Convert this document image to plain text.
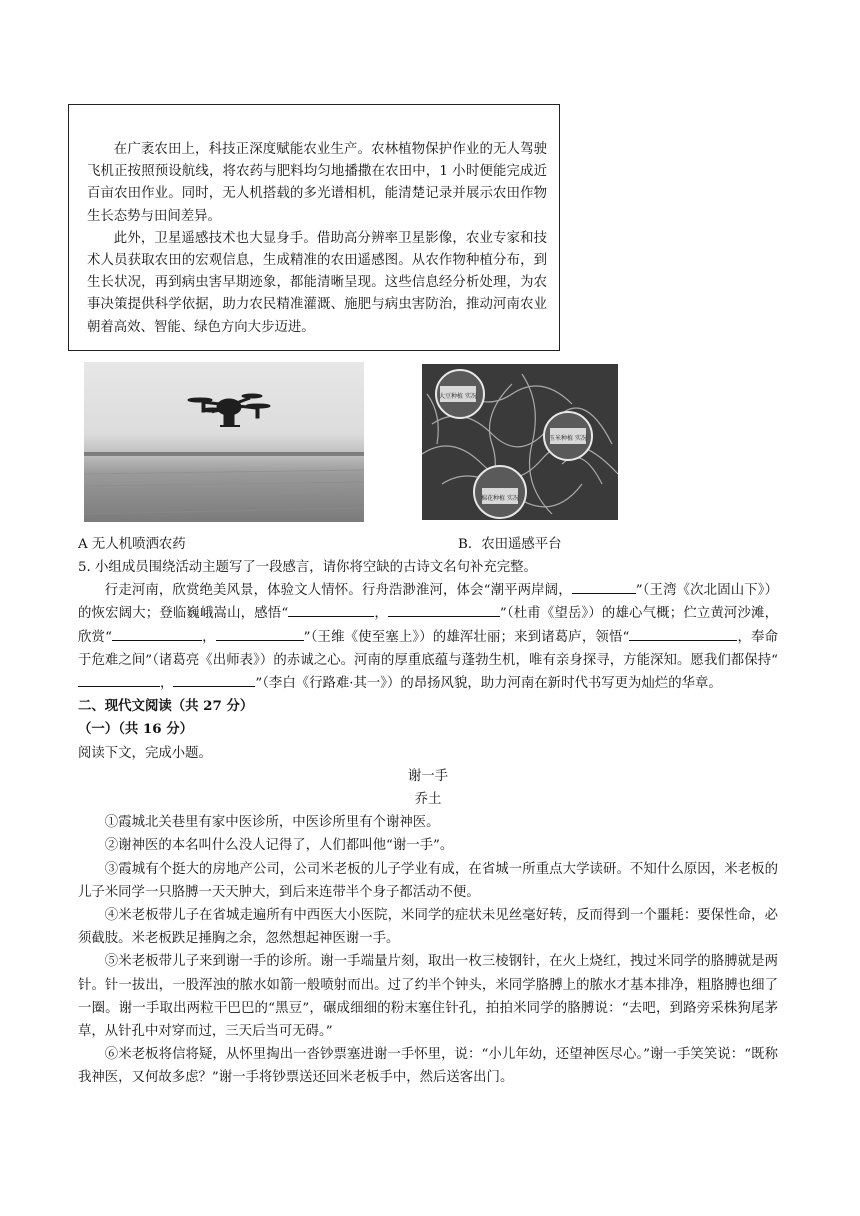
在广袤农田上，科技正深度赋能农业生产。农林植物保护作业的无人驾驶飞机正按照预设航线，将农药与肥料均匀地播撒在农田中，1 小时便能完成近百亩农田作业。同时，无人机搭载的多光谱相机，能清楚记录并展示农田作物生长态势与田间差异。

此外，卫星遥感技术也大显身手。借助高分辨率卫星影像，农业专家和技术人员获取农田的宏观信息，生成精准的农田遥感图。从农作物种植分布，到生长状况，再到病虫害早期迹象，都能清晰呈现。这些信息经分析处理，为农事决策提供科学依据，助力农民精准灌溉、施肥与病虫害防治，推动河南农业朝着高效、智能、绿色方向大步迈进。

A 无人机喷洒农药
大豆种植 实况
玉米种植 实况
棉花种植 实况
B．农田遥感平台

5. 小组成员围绕活动主题写了一段感言，请你将空缺的古诗文名句补充完整。

行走河南，欣赏绝美风景，体验文人情怀。行舟浩渺淮河，体会“潮平两岸阔，	”（王湾《次北固山下》）的恢宏阔大；登临巍峨嵩山，感悟“	，	”（杜甫《望岳》）的雄心气概；伫立黄河沙滩，欣赏“	，	”（王维《使至塞上》）的雄浑壮丽；来到诸葛庐，领悟“	，奉命于危难之间”（诸葛亮《出师表》）的赤诚之心。河南的厚重底蕴与蓬勃生机，唯有亲身探寻，方能深知。愿我们都保持“，	”（李白《行路难·其一》）的昂扬风貌，助力河南在新时代书写更为灿烂的华章。

二、现代文阅读（共 27 分）

（一）（共 16 分）

阅读下文，完成小题。

谢一手

乔土

①霞城北关巷里有家中医诊所，中医诊所里有个谢神医。

②谢神医的本名叫什么没人记得了，人们都叫他“谢一手”。

③霞城有个挺大的房地产公司，公司米老板的儿子学业有成，在省城一所重点大学读研。不知什么原因，米老板的儿子米同学一只胳膊一天天肿大，到后来连带半个身子都活动不便。

④米老板带儿子在省城走遍所有中西医大小医院，米同学的症状未见丝毫好转，反而得到一个噩耗：要保性命，必须截肢。米老板跌足捶胸之余，忽然想起神医谢一手。

⑤米老板带儿子来到谢一手的诊所。谢一手端量片刻，取出一枚三棱钢针，在火上烧红，拽过米同学的胳膊就是两针。针一拔出，一股浑浊的脓水如箭一般喷射而出。过了约半个钟头，米同学胳膊上的脓水才基本排净，粗胳膊也细了一圈。谢一手取出两粒干巴巴的“黑豆”，碾成细细的粉末塞住针孔，拍拍米同学的胳膊说：“去吧，到路旁采株狗尾茅草，从针孔中对穿而过，三天后当可无碍。”

⑥米老板将信将疑，从怀里掏出一沓钞票塞进谢一手怀里，说：“小儿年幼，还望神医尽心。”谢一手笑笑说：“既称我神医，又何故多虑？”谢一手将钞票送还回米老板手中，然后送客出门。
